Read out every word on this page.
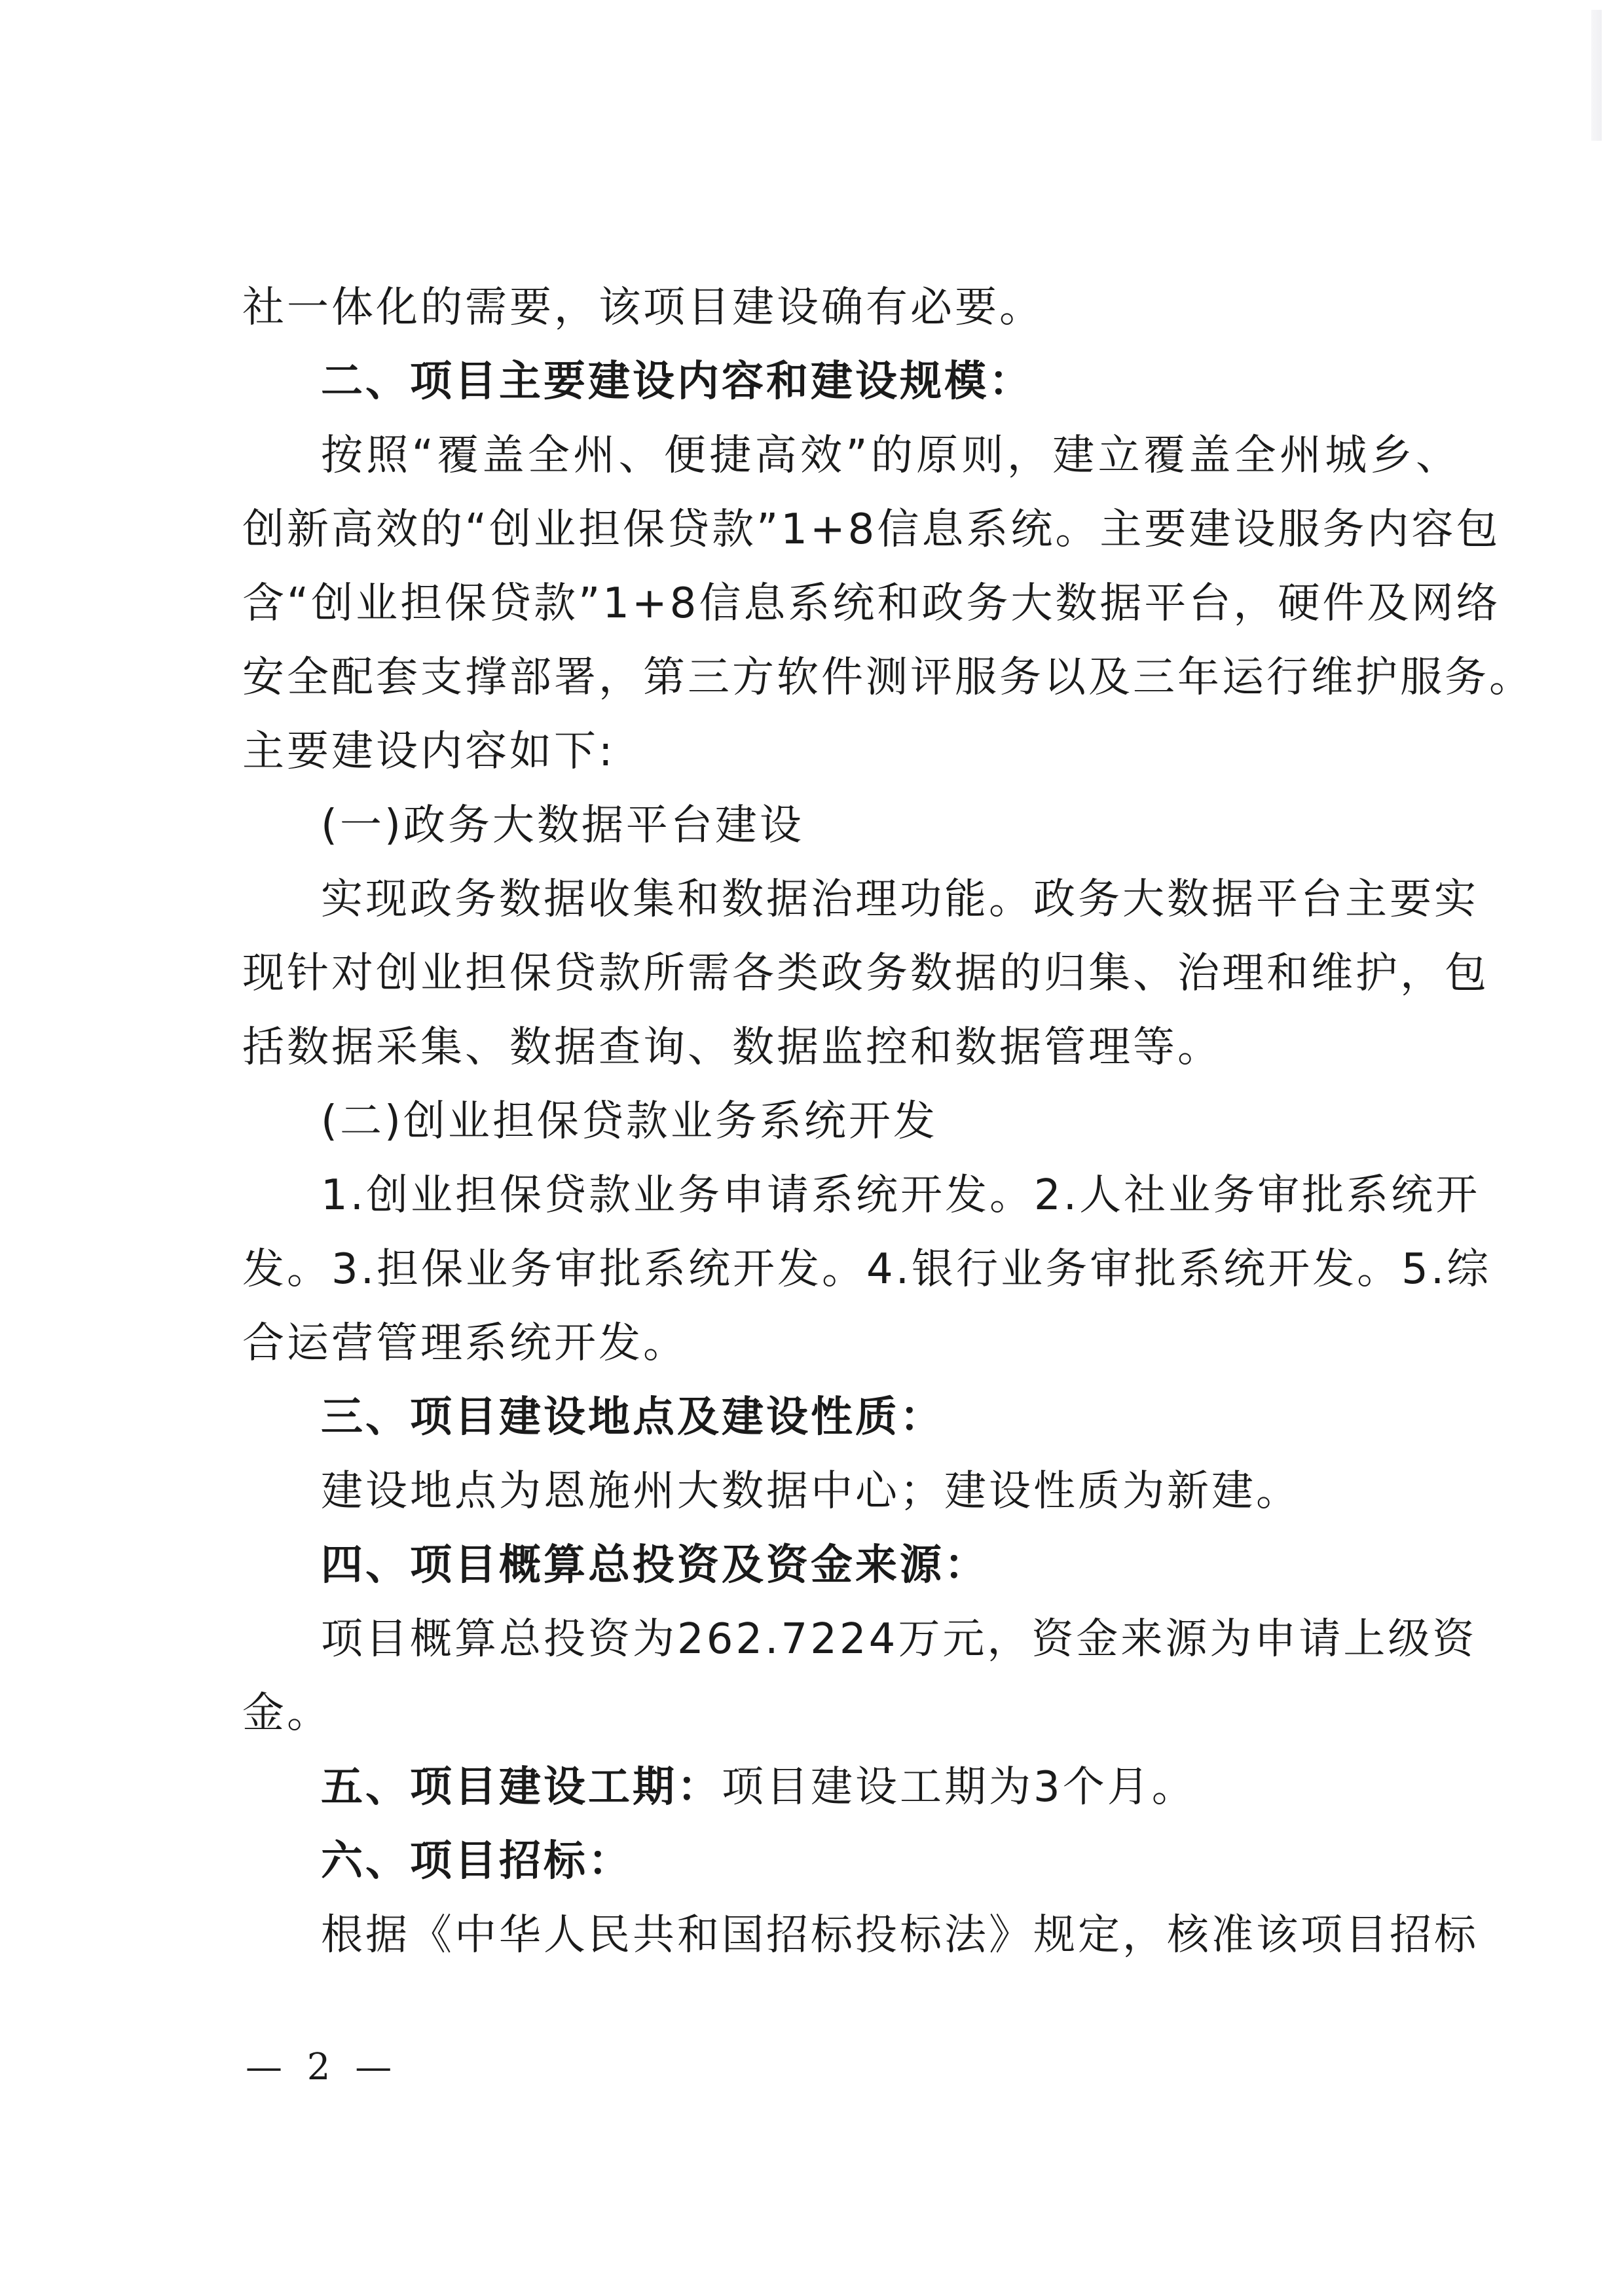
社一体化的需要，该项目建设确有必要。
二、项目主要建设内容和建设规模：
按照“覆盖全州、便捷高效”的原则，建立覆盖全州城乡、
创新高效的“创业担保贷款”1+8信息系统。主要建设服务内容包
含“创业担保贷款”1+8信息系统和政务大数据平台，硬件及网络
安全配套支撑部署，第三方软件测评服务以及三年运行维护服务。
主要建设内容如下:
(一)政务大数据平台建设
实现政务数据收集和数据治理功能。政务大数据平台主要实
现针对创业担保贷款所需各类政务数据的归集、治理和维护，包
括数据采集、数据查询、数据监控和数据管理等。
(二)创业担保贷款业务系统开发
1.创业担保贷款业务申请系统开发。2.人社业务审批系统开
发。3.担保业务审批系统开发。4.银行业务审批系统开发。5.综
合运营管理系统开发。
三、项目建设地点及建设性质：
建设地点为恩施州大数据中心；建设性质为新建。
四、项目概算总投资及资金来源：
项目概算总投资为262.7224万元，资金来源为申请上级资
金。
五、项目建设工期：项目建设工期为3个月。
六、项目招标：
根据《中华人民共和国招标投标法》规定，核准该项目招标
— 2 —
